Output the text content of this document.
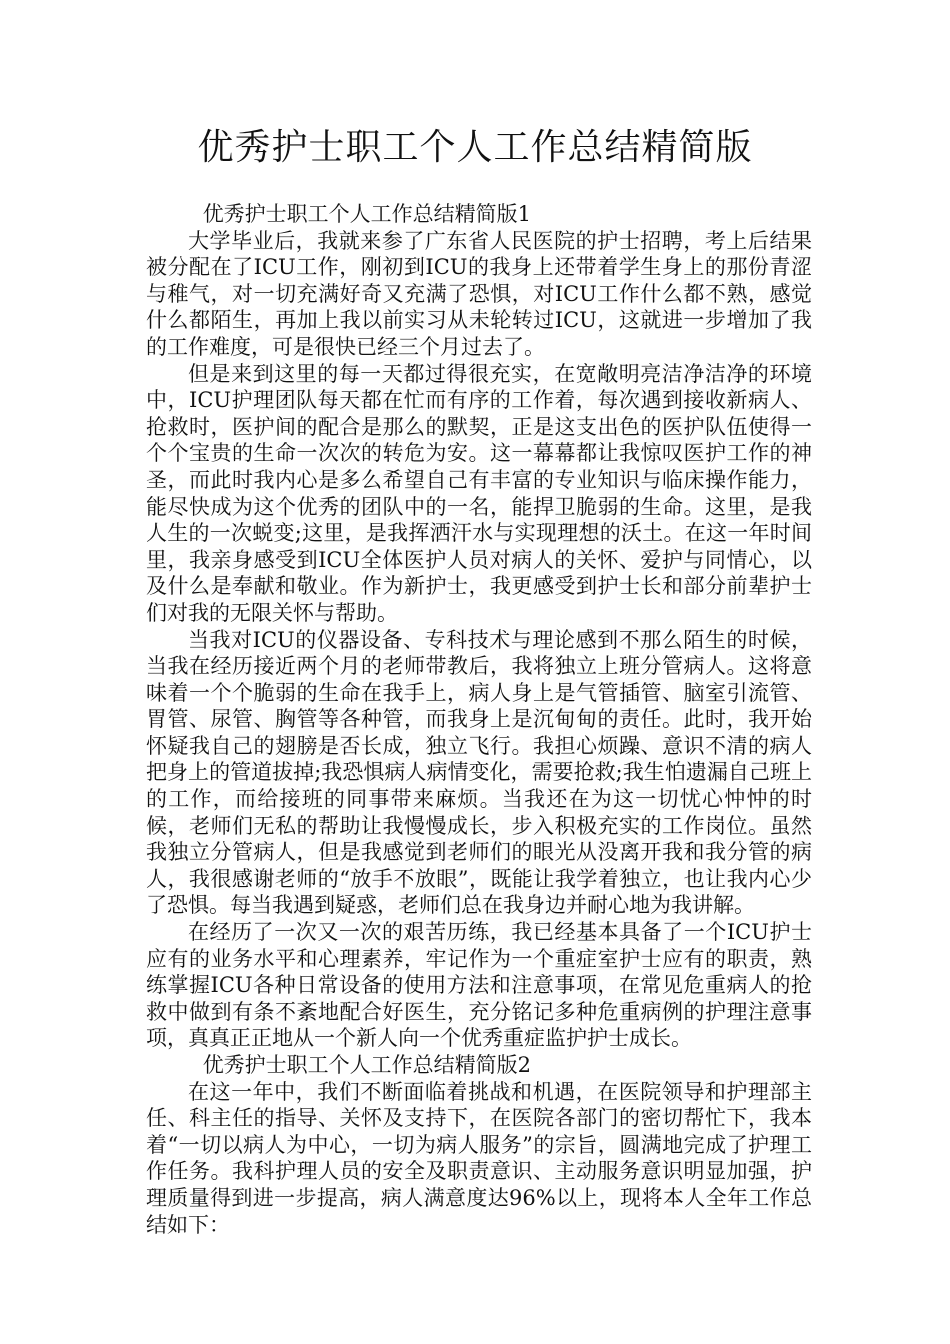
优秀护士职工个人工作总结精简版

优秀护士职工个人工作总结精简版1

大学毕业后，我就来参了广东省人民医院的护士招聘，考上后结果被分配在了ICU工作，刚初到ICU的我身上还带着学生身上的那份青涩与稚气，对一切充满好奇又充满了恐惧，对ICU工作什么都不熟，感觉什么都陌生，再加上我以前实习从未轮转过ICU，这就进一步增加了我的工作难度，可是很快已经三个月过去了。

但是来到这里的每一天都过得很充实，在宽敞明亮洁净洁净的环境中，ICU护理团队每天都在忙而有序的工作着，每次遇到接收新病人、抢救时，医护间的配合是那么的默契，正是这支出色的医护队伍使得一个个宝贵的生命一次次的转危为安。这一幕幕都让我惊叹医护工作的神圣，而此时我内心是多么希望自己有丰富的专业知识与临床操作能力，能尽快成为这个优秀的团队中的一名，能捍卫脆弱的生命。这里，是我人生的一次蜕变;这里，是我挥洒汗水与实现理想的沃土。在这一年时间里，我亲身感受到ICU全体医护人员对病人的关怀、爱护与同情心，以及什么是奉献和敬业。作为新护士，我更感受到护士长和部分前辈护士们对我的无限关怀与帮助。

当我对ICU的仪器设备、专科技术与理论感到不那么陌生的时候，当我在经历接近两个月的老师带教后，我将独立上班分管病人。这将意味着一个个脆弱的生命在我手上，病人身上是气管插管、脑室引流管、胃管、尿管、胸管等各种管，而我身上是沉甸甸的责任。此时，我开始怀疑我自己的翅膀是否长成，独立飞行。我担心烦躁、意识不清的病人把身上的管道拔掉;我恐惧病人病情变化，需要抢救;我生怕遗漏自己班上的工作，而给接班的同事带来麻烦。当我还在为这一切忧心忡忡的时候，老师们无私的帮助让我慢慢成长，步入积极充实的工作岗位。虽然我独立分管病人，但是我感觉到老师们的眼光从没离开我和我分管的病人，我很感谢老师的“放手不放眼”，既能让我学着独立，也让我内心少了恐惧。每当我遇到疑惑，老师们总在我身边并耐心地为我讲解。

在经历了一次又一次的艰苦历练，我已经基本具备了一个ICU护士应有的业务水平和心理素养，牢记作为一个重症室护士应有的职责，熟练掌握ICU各种日常设备的使用方法和注意事项，在常见危重病人的抢救中做到有条不紊地配合好医生，充分铭记多种危重病例的护理注意事项，真真正正地从一个新人向一个优秀重症监护护士成长。

优秀护士职工个人工作总结精简版2

在这一年中，我们不断面临着挑战和机遇，在医院领导和护理部主任、科主任的指导、关怀及支持下，在医院各部门的密切帮忙下，我本着“一切以病人为中心，一切为病人服务”的宗旨，圆满地完成了护理工作任务。我科护理人员的安全及职责意识、主动服务意识明显加强，护理质量得到进一步提高，病人满意度达96%以上，现将本人全年工作总结如下：
